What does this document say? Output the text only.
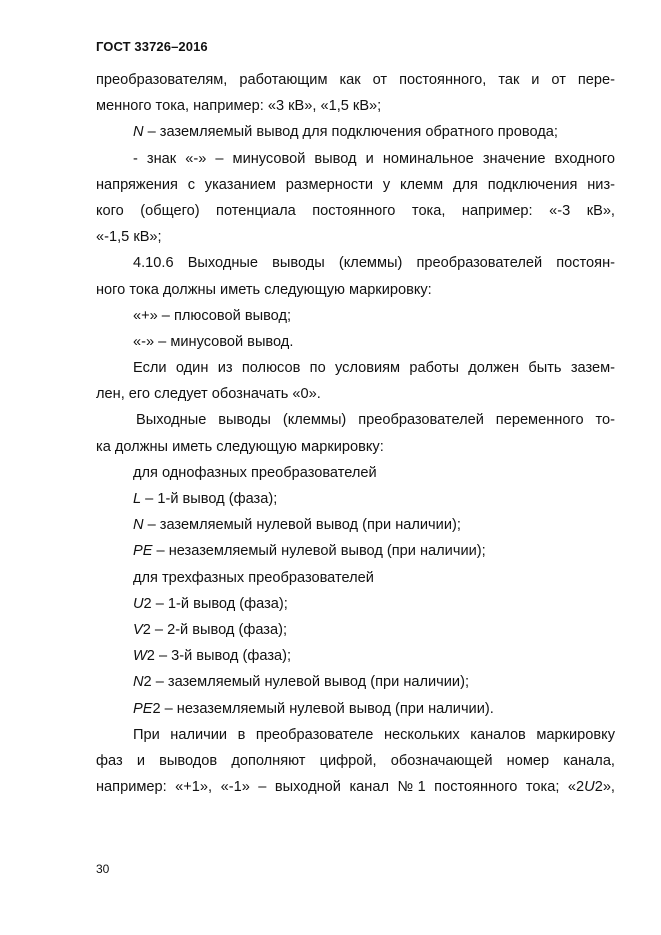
ГОСТ 33726–2016
преобразователям, работающим как от постоянного, так и от пере-
менного тока, например: «3 кВ», «1,5 кВ»;
N – заземляемый вывод для подключения обратного провода;
- знак «-» – минусовой вывод и номинальное значение входного
напряжения с указанием размерности у клемм для подключения низ-
кого (общего) потенциала постоянного тока, например: «-3 кВ»,
«-1,5 кВ»;
4.10.6 Выходные выводы (клеммы) преобразователей постоян-
ного тока должны иметь следующую маркировку:
«+» – плюсовой вывод;
«-» – минусовой вывод.
Если один из полюсов по условиям работы должен быть зазем-
лен, его следует обозначать «0».
Выходные выводы (клеммы) преобразователей переменного то-
ка должны иметь следующую маркировку:
для однофазных преобразователей
L – 1-й вывод (фаза);
N – заземляемый нулевой вывод (при наличии);
PE – незаземляемый нулевой вывод (при наличии);
для трехфазных преобразователей
U2 – 1-й вывод (фаза);
V2 – 2-й вывод (фаза);
W2 – 3-й вывод (фаза);
N2 – заземляемый нулевой вывод (при наличии);
PE2 – незаземляемый нулевой вывод (при наличии).
При наличии в преобразователе нескольких каналов маркировку
фаз и выводов дополняют цифрой, обозначающей номер канала,
например: «+1», «-1» – выходной канал №1 постоянного тока; «2U2»,
30
